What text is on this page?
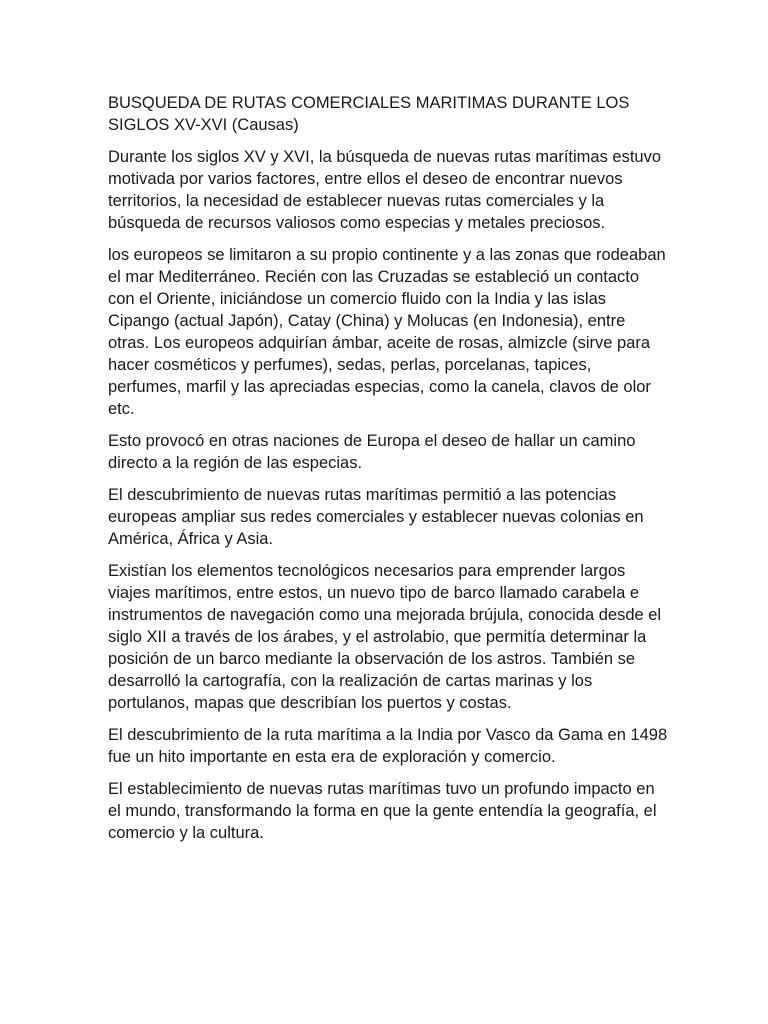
BUSQUEDA DE RUTAS COMERCIALES MARITIMAS DURANTE LOS SIGLOS XV-XVI (Causas)

Durante los siglos XV y XVI, la búsqueda de nuevas rutas marítimas estuvo motivada por varios factores, entre ellos el deseo de encontrar nuevos territorios, la necesidad de establecer nuevas rutas comerciales y la búsqueda de recursos valiosos como especias y metales preciosos.

los europeos se limitaron a su propio continente y a las zonas que rodeaban el mar Mediterráneo. Recién con las Cruzadas se estableció un contacto con el Oriente, iniciándose un comercio fluido con la India y las islas Cipango (actual Japón), Catay (China) y Molucas (en Indonesia), entre otras. Los europeos adquirían ámbar, aceite de rosas, almizcle (sirve para hacer cosméticos y perfumes), sedas, perlas, porcelanas, tapices, perfumes, marfil y las apreciadas especias, como la canela, clavos de olor etc.

Esto provocó en otras naciones de Europa el deseo de hallar un camino directo a la región de las especias.

El descubrimiento de nuevas rutas marítimas permitió a las potencias europeas ampliar sus redes comerciales y establecer nuevas colonias en América, África y Asia.

Existían los elementos tecnológicos necesarios para emprender largos viajes marítimos, entre estos, un nuevo tipo de barco llamado carabela e instrumentos de navegación como una mejorada brújula, conocida desde el siglo XII a través de los árabes, y el astrolabio, que permitía determinar la posición de un barco mediante la observación de los astros. También se desarrolló la cartografía, con la realización de cartas marinas y los portulanos, mapas que describían los puertos y costas.

El descubrimiento de la ruta marítima a la India por Vasco da Gama en 1498 fue un hito importante en esta era de exploración y comercio.

El establecimiento de nuevas rutas marítimas tuvo un profundo impacto en el mundo, transformando la forma en que la gente entendía la geografía, el comercio y la cultura.
